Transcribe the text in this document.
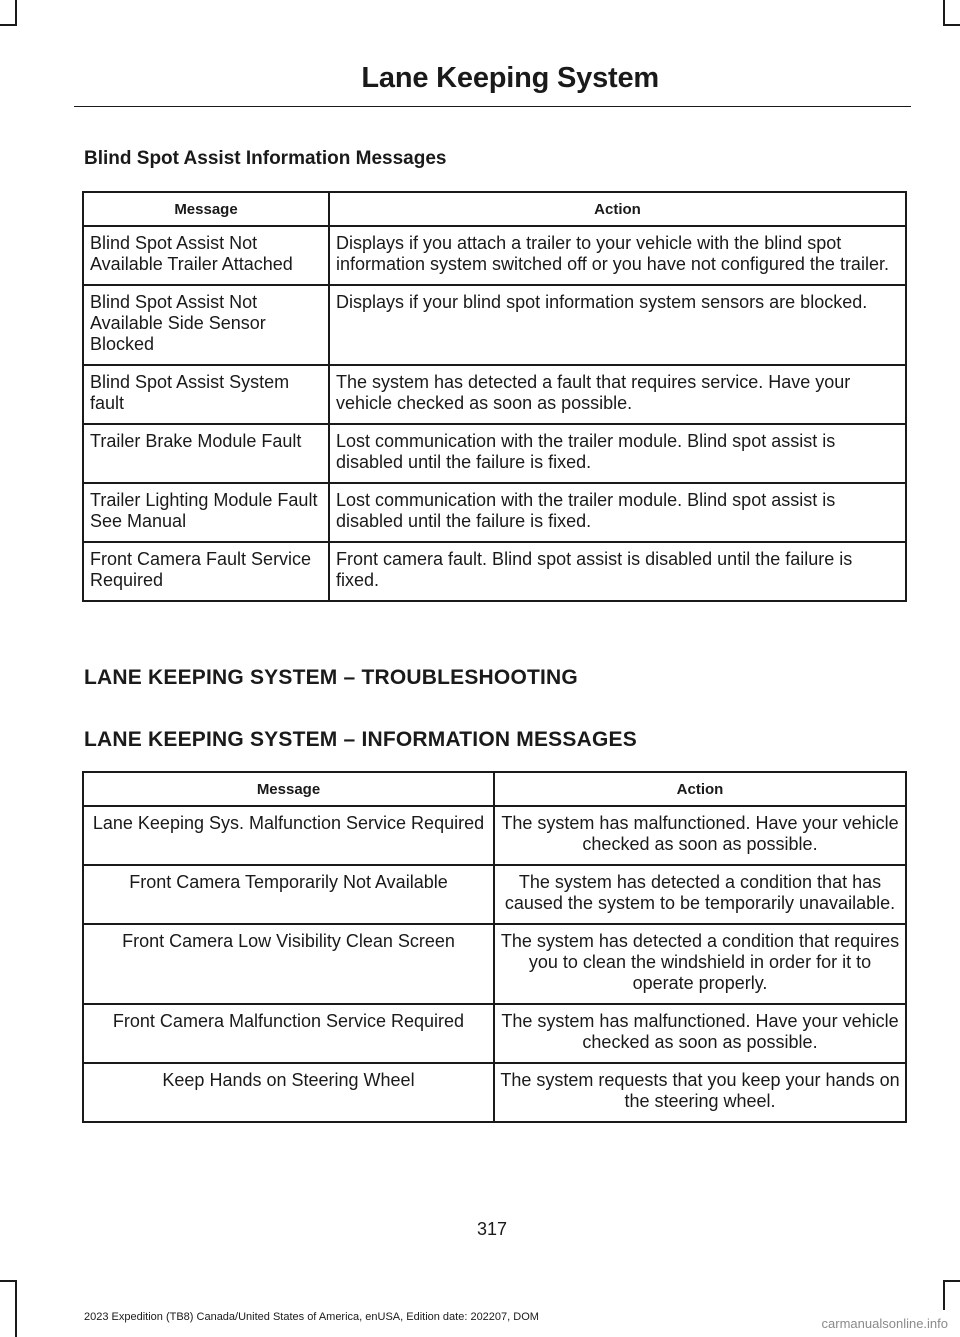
Lane Keeping System
Blind Spot Assist Information Messages
Message	Action
Blind Spot Assist Not Available Trailer Attached	Displays if you attach a trailer to your vehicle with the blind spot information system switched off or you have not configured the trailer.
Blind Spot Assist Not Available Side Sensor Blocked	Displays if your blind spot information system sensors are blocked.
Blind Spot Assist System fault	The system has detected a fault that requires service. Have your vehicle checked as soon as possible.
Trailer Brake Module Fault	Lost communication with the trailer module. Blind spot assist is disabled until the failure is fixed.
Trailer Lighting Module Fault See Manual	Lost communication with the trailer module. Blind spot assist is disabled until the failure is fixed.
Front Camera Fault Service Required	Front camera fault. Blind spot assist is disabled until the failure is fixed.
LANE KEEPING SYSTEM – TROUBLESHOOTING
LANE KEEPING SYSTEM – INFORMATION MESSAGES
Message	Action
Lane Keeping Sys. Malfunction Service Required	The system has malfunctioned. Have your vehicle checked as soon as possible.
Front Camera Temporarily Not Available	The system has detected a condition that has caused the system to be temporarily unavailable.
Front Camera Low Visibility Clean Screen	The system has detected a condition that requires you to clean the windshield in order for it to operate properly.
Front Camera Malfunction Service Required	The system has malfunctioned. Have your vehicle checked as soon as possible.
Keep Hands on Steering Wheel	The system requests that you keep your hands on the steering wheel.
317
2023 Expedition (TB8) Canada/United States of America, enUSA, Edition date: 202207, DOM	carmanualsonline.info
